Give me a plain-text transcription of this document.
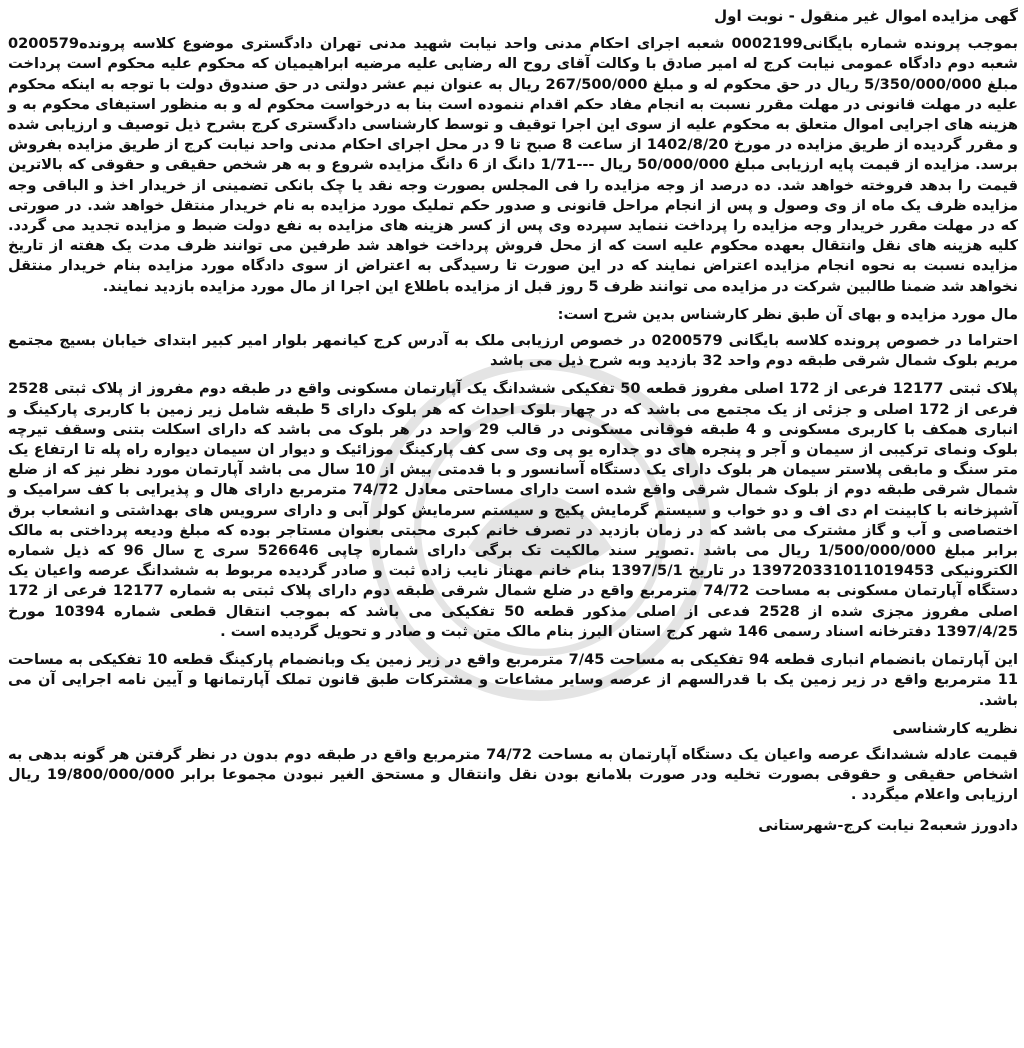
گهی مزایده اموال غیر منقول - نوبت اول

بموجب پرونده شماره بایگانی0002199 شعبه اجرای احکام مدنی واحد نیابت شهید مدنی تهران دادگستری موضوع کلاسه پرونده0200579 شعبه دوم دادگاه عمومی نیابت کرج له امیر صادق با وکالت آقای روح اله رضایی علیه مرضیه ابراهیمیان که محکوم علیه محکوم است پرداخت مبلغ 5/350/000/000 ریال در حق محکوم له و مبلغ 267/500/000 ریال به عنوان نیم عشر دولتی در حق صندوق دولت با توجه به اینکه محکوم علیه در مهلت قانونی در مهلت مقرر نسبت به انجام مفاد حکم اقدام ننموده است بنا به درخواست محکوم له و به منظور استیفای محکوم به و هزینه های اجرایی اموال متعلق به محکوم علیه از سوی این اجرا توقیف و توسط کارشناسی دادگستری کرج بشرح ذیل توصیف و ارزیابی شده و مقرر گردیده از طریق مزایده در مورخ 1402/8/20 از ساعت 8 صبح تا 9 در محل اجرای احکام مدنی واحد نیابت کرج از طریق مزایده بفروش برسد. مزایده از قیمت پایه ارزیابی مبلغ 50/000/000 ریال ---1/71 دانگ از 6 دانگ مزایده شروع و به هر شخص حقیقی و حقوقی که بالاترین قیمت را بدهد فروخته خواهد شد. ده درصد از وجه مزایده را فی المجلس بصورت وجه نقد یا چک بانکی تضمینی از خریدار اخذ و الباقی وجه مزایده ظرف یک ماه از وی وصول و پس از انجام مراحل قانونی و صدور حکم تملیک مورد مزایده به نام خریدار منتقل خواهد شد. در صورتی که در مهلت مقرر خریدار وجه مزایده را پرداخت ننماید سپرده وی پس از کسر هزینه های مزایده به نفع دولت ضبط و مزایده تجدید می گردد. کلیه هزینه های نقل وانتقال بعهده محکوم علیه است که از محل فروش پرداخت خواهد شد طرفین می توانند ظرف مدت یک هفته از تاریخ مزایده نسبت به نحوه انجام مزایده اعتراض نمایند که در این صورت تا رسیدگی به اعتراض از سوی دادگاه مورد مزایده بنام خریدار منتقل نخواهد شد ضمنا طالبین شرکت در مزایده می توانند ظرف 5 روز قبل از مزایده باطلاع این اجرا از مال مورد مزایده بازدید نمایند.

مال مورد مزایده و بهای آن طبق نظر کارشناس بدین شرح است:

احتراما در خصوص پرونده کلاسه بایگانی 0200579 در خصوص ارزیابی ملک به آدرس کرج کیانمهر بلوار امیر کبیر ابتدای خیابان بسیج مجتمع مریم بلوک شمال شرقی طبقه دوم واحد 32 بازدید وبه شرح ذیل می باشد

پلاک ثبتی 12177 فرعی از 172 اصلی مفروز قطعه 50 تفکیکی ششدانگ یک آپارتمان مسکونی واقع در طبقه دوم مفروز از پلاک ثبتی 2528 فرعی از 172 اصلی و جزئی از یک مجتمع می باشد که در چهار بلوک احداث که هر بلوک دارای 5 طبقه شامل زیر زمین با کاربری پارکینگ و انباری همکف با کاربری مسکونی و 4 طبقه فوقانی مسکونی در قالب 29 واحد در هر بلوک می باشد که دارای اسکلت بتنی وسقف تیرچه بلوک ونمای ترکیبی از سیمان و آجر و پنجره های دو جداره یو پی وی سی کف پارکینگ موزائیک و دیوار ان سیمان دیواره راه پله تا ارتفاع یک متر سنگ و مابقی پلاستر سیمان هر بلوک دارای یک دستگاه آسانسور و با قدمتی بیش از 10 سال می باشد آپارتمان مورد نظر نیز که از ضلع شمال شرقی طبقه دوم از بلوک شمال شرقی واقع شده است دارای مساحتی معادل 74/72 مترمربع دارای هال و پذیرایی با کف سرامیک و آشپزخانه با کابینت ام دی اف و دو خواب و سیستم گرمایش پکیج و سیستم سرمایش کولر آبی و دارای سرویس های بهداشتی و انشعاب برق اختصاصی و آب و گاز مشترک می باشد که در زمان بازدید در تصرف خانم کبری محبتی بعنوان مستاجر بوده که مبلغ ودیعه پرداختی به مالک برابر مبلغ 1/500/000/000 ریال می باشد .تصویر سند مالکیت تک برگی دارای شماره چاپی 526646 سری ج سال 96 که ذیل شماره الکترونیکی 139720331011019453 در تاریخ 1397/5/1 بنام خانم مهناز نایب زاده ثبت و صادر گردیده مربوط به ششدانگ عرصه واعیان یک دستگاه آپارتمان مسکونی به مساحت 74/72 مترمربع واقع در ضلع شمال شرقی طبقه دوم دارای پلاک ثبتی به شماره 12177 فرعی از 172 اصلی مفروز مجزی شده از 2528 فدعی از اصلی مذکور قطعه 50 تفکیکی می باشد که بموجب انتقال قطعی شماره 10394 مورخ 1397/4/25 دفترخانه اسناد رسمی 146 شهر کرج استان البرز بنام مالک متن ثبت و صادر و تحویل گردیده است .

این آپارتمان بانضمام انباری قطعه 94 تفکیکی به مساحت 7/45 مترمربع واقع در زیر زمین یک وبانضمام پارکینگ قطعه 10 تفکیکی به مساحت 11 مترمربع واقع در زیر زمین یک با قدرالسهم از عرصه وسایر مشاعات و مشترکات طبق قانون تملک آپارتمانها و آیین نامه اجرایی آن می باشد.

نظریه کارشناسی

قیمت عادله ششدانگ عرصه واعیان یک دستگاه آپارتمان به مساحت 74/72 مترمربع واقع در طبقه دوم بدون در نظر گرفتن هر گونه بدهی به اشخاص حقیقی و حقوقی بصورت تخلیه ودر صورت بلامانع بودن نقل وانتقال و مستحق الغیر نبودن مجموعا برابر 19/800/000/000 ریال ارزیابی واعلام میگردد .

دادورز شعبه2 نیابت کرج-شهرستانی
